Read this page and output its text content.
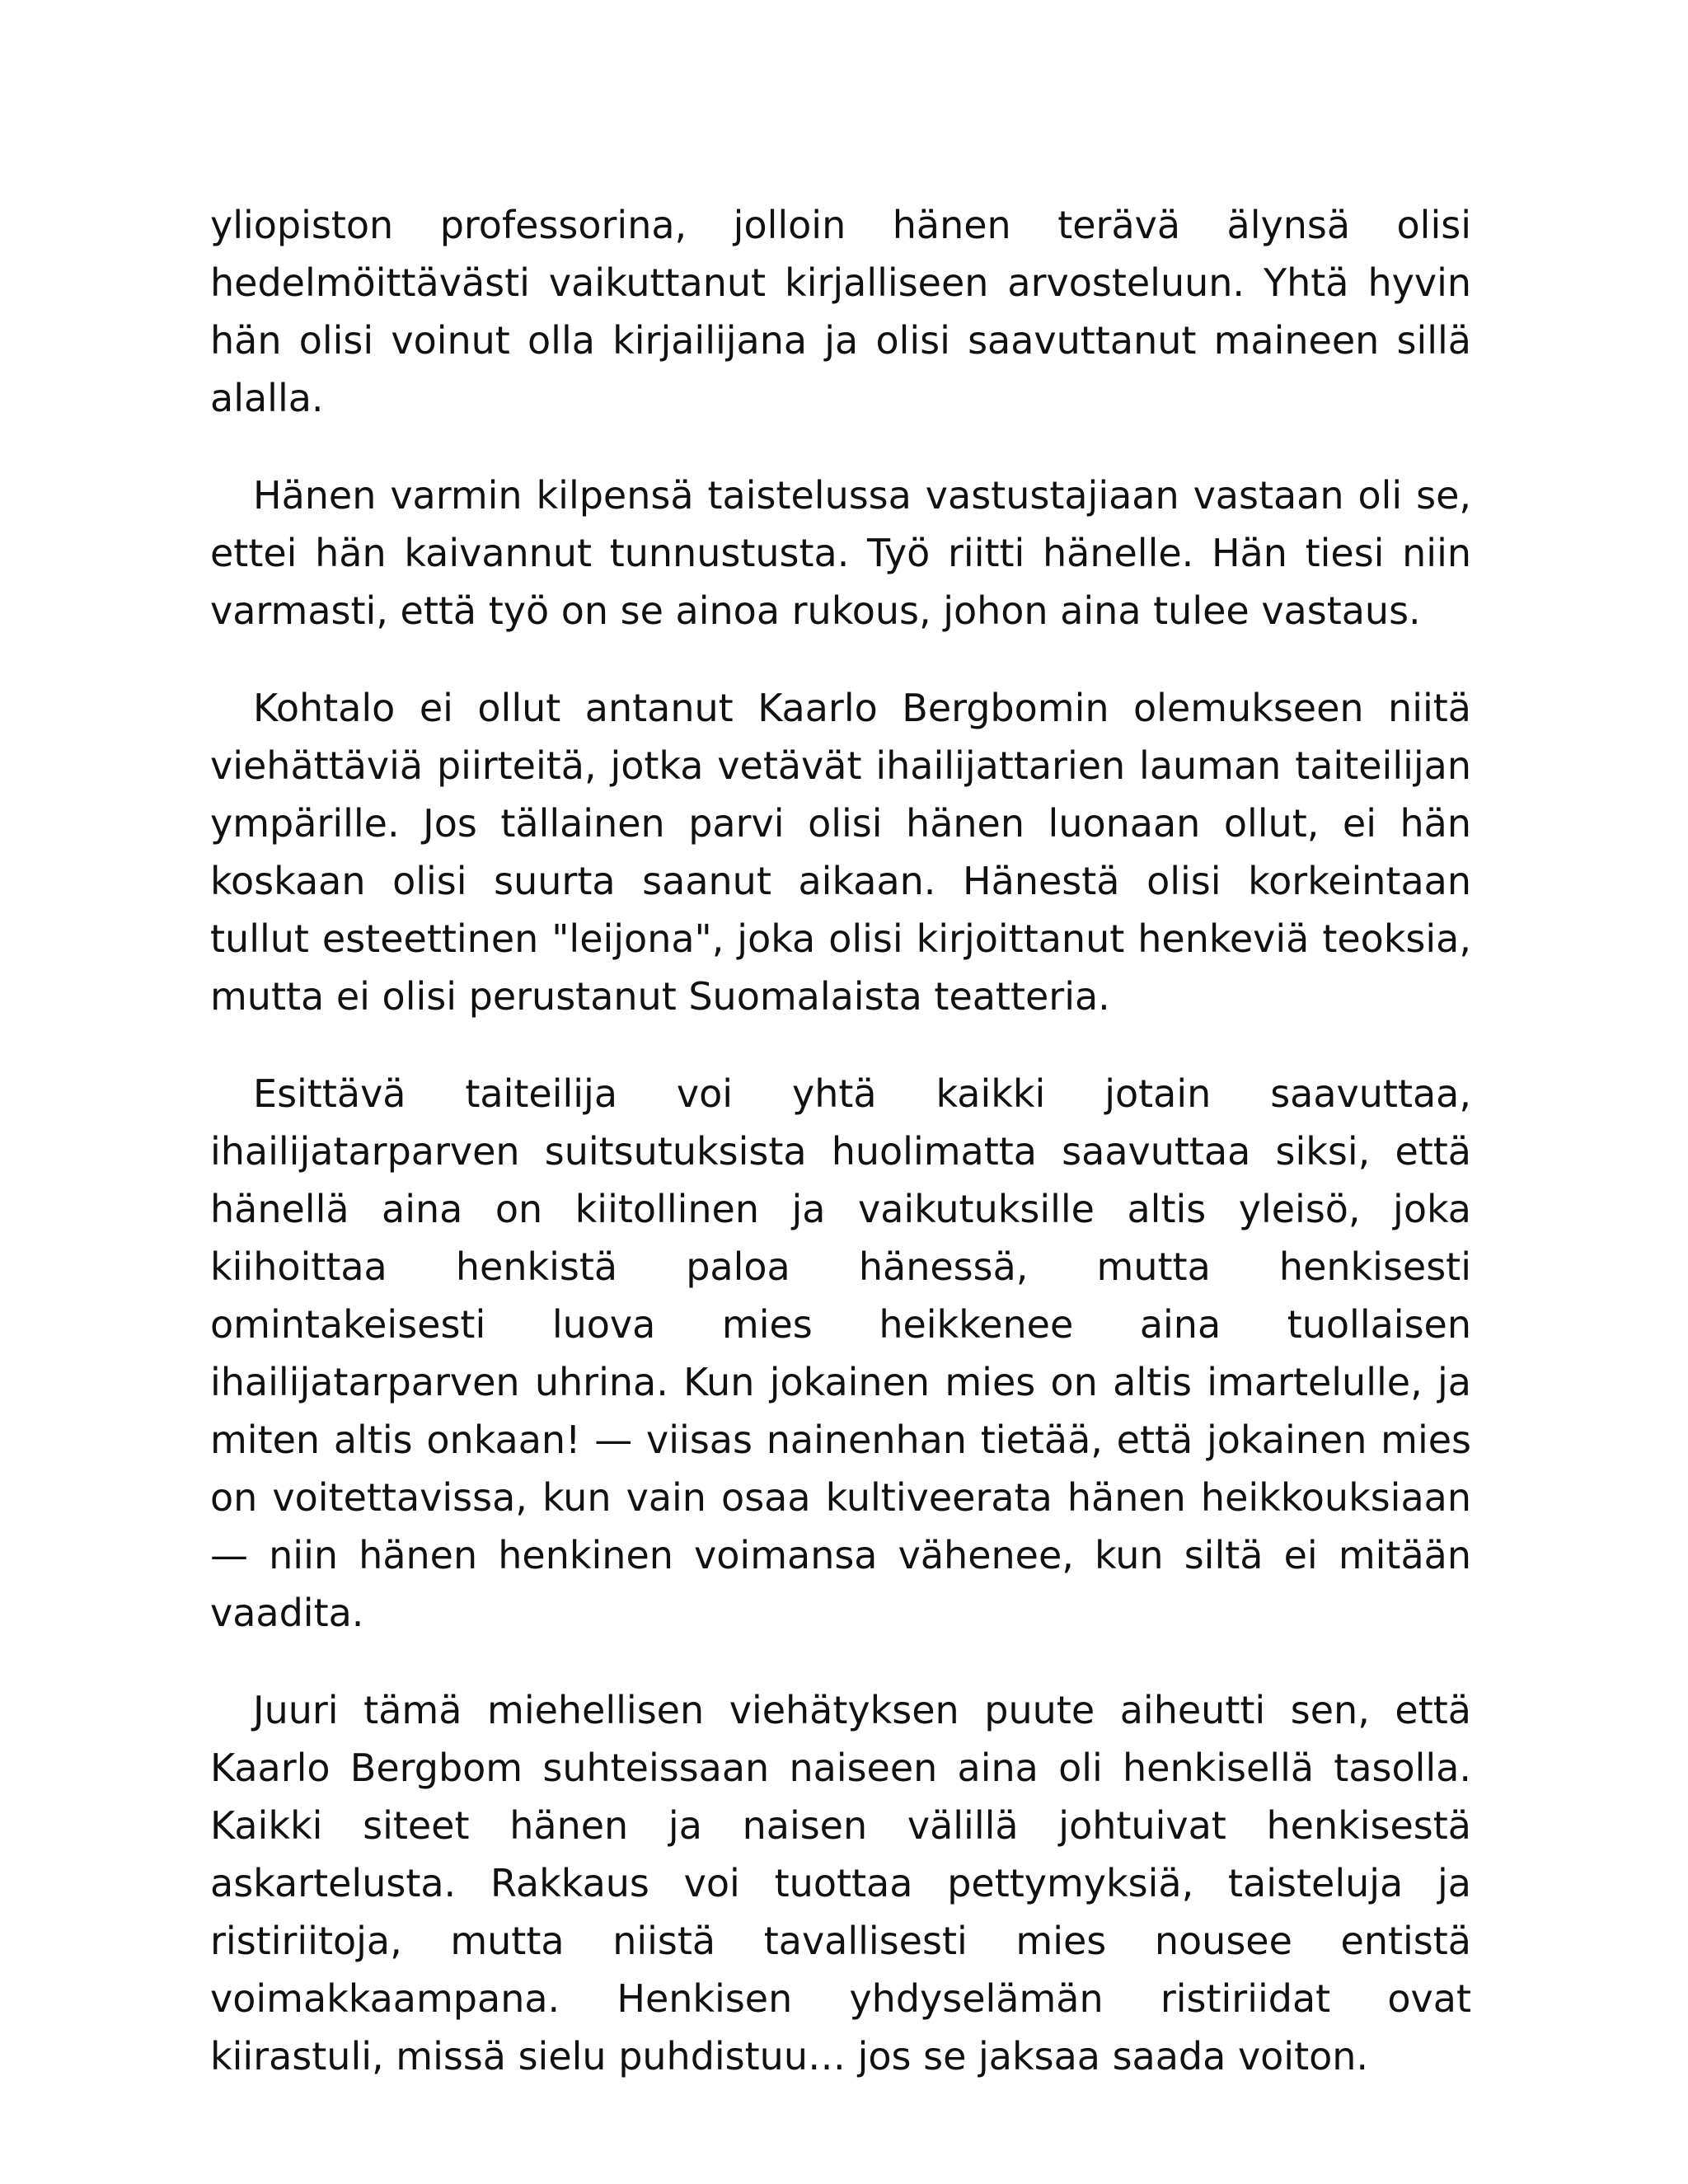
yliopiston professorina, jolloin hänen terävä älynsä olisi hedelmöittävästi vaikuttanut kirjalliseen arvosteluun. Yhtä hyvin hän olisi voinut olla kirjailijana ja olisi saavuttanut maineen sillä alalla.

Hänen varmin kilpensä taistelussa vastustajiaan vastaan oli se, ettei hän kaivannut tunnustusta. Työ riitti hänelle. Hän tiesi niin varmasti, että työ on se ainoa rukous, johon aina tulee vastaus.

Kohtalo ei ollut antanut Kaarlo Bergbomin olemukseen niitä viehättäviä piirteitä, jotka vetävät ihailijattarien lauman taiteilijan ympärille. Jos tällainen parvi olisi hänen luonaan ollut, ei hän koskaan olisi suurta saanut aikaan. Hänestä olisi korkeintaan tullut esteettinen "leijona", joka olisi kirjoittanut henkeviä teoksia, mutta ei olisi perustanut Suomalaista teatteria.

Esittävä taiteilija voi yhtä kaikki jotain saavuttaa, ihailijatarparven suitsutuksista huolimatta saavuttaa siksi, että hänellä aina on kiitollinen ja vaikutuksille altis yleisö, joka kiihoittaa henkistä paloa hänessä, mutta henkisesti omintakeisesti luova mies heikkenee aina tuollaisen ihailijatarparven uhrina. Kun jokainen mies on altis imartelulle, ja miten altis onkaan! — viisas nainenhan tietää, että jokainen mies on voitettavissa, kun vain osaa kultiveerata hänen heikkouksiaan — niin hänen henkinen voimansa vähenee, kun siltä ei mitään vaadita.

Juuri tämä miehellisen viehätyksen puute aiheutti sen, että Kaarlo Bergbom suhteissaan naiseen aina oli henkisellä tasolla. Kaikki siteet hänen ja naisen välillä johtuivat henkisestä askartelusta. Rakkaus voi tuottaa pettymyksiä, taisteluja ja ristiriitoja, mutta niistä tavallisesti mies nousee entistä voimakkaampana. Henkisen yhdyselämän ristiriidat ovat kiirastuli, missä sielu puhdistuu… jos se jaksaa saada voiton.
